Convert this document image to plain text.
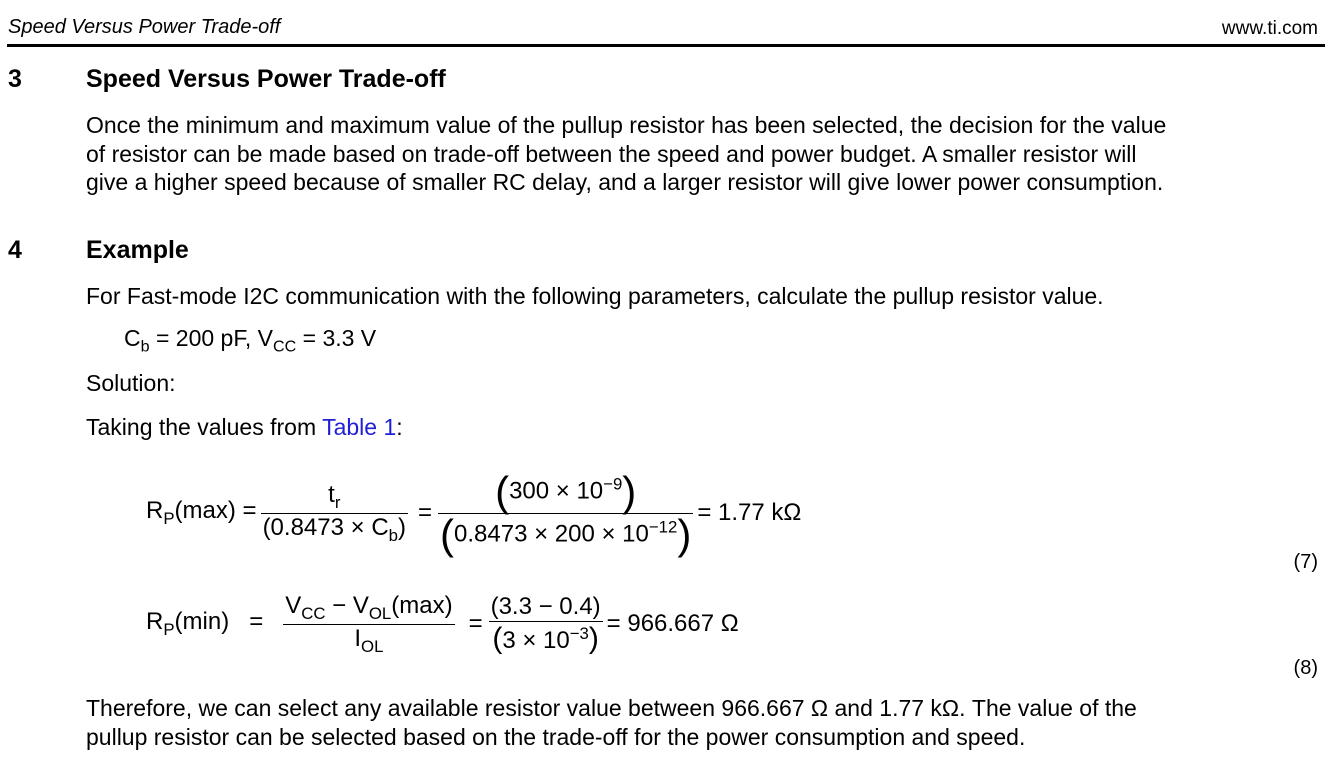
Speed Versus Power Trade-off	www.ti.com
3	Speed Versus Power Trade-off
Once the minimum and maximum value of the pullup resistor has been selected, the decision for the value
of resistor can be made based on trade-off between the speed and power budget. A smaller resistor will
give a higher speed because of smaller RC delay, and a larger resistor will give lower power consumption.
4	Example
For Fast-mode I2C communication with the following parameters, calculate the pullup resistor value.
$C_b = 200$ pF, $V_{CC} = 3.3$ V
Solution:
Taking the values from Table 1:
$R_P(\max) = \frac{t_r}{(0.8473 \times C_b)} = \frac{(300 \times 10^{-9})}{(0.8473 \times 200 \times 10^{-12})} = 1.77$ kΩ
(7)
$R_P(\min) = \frac{V_{CC} - V_{OL}(\max)}{I_{OL}} = \frac{(3.3 - 0.4)}{(3 \times 10^{-3})} = 966.667$ Ω
(8)
Therefore, we can select any available resistor value between 966.667 Ω and 1.77 kΩ. The value of the
pullup resistor can be selected based on the trade-off for the power consumption and speed.
